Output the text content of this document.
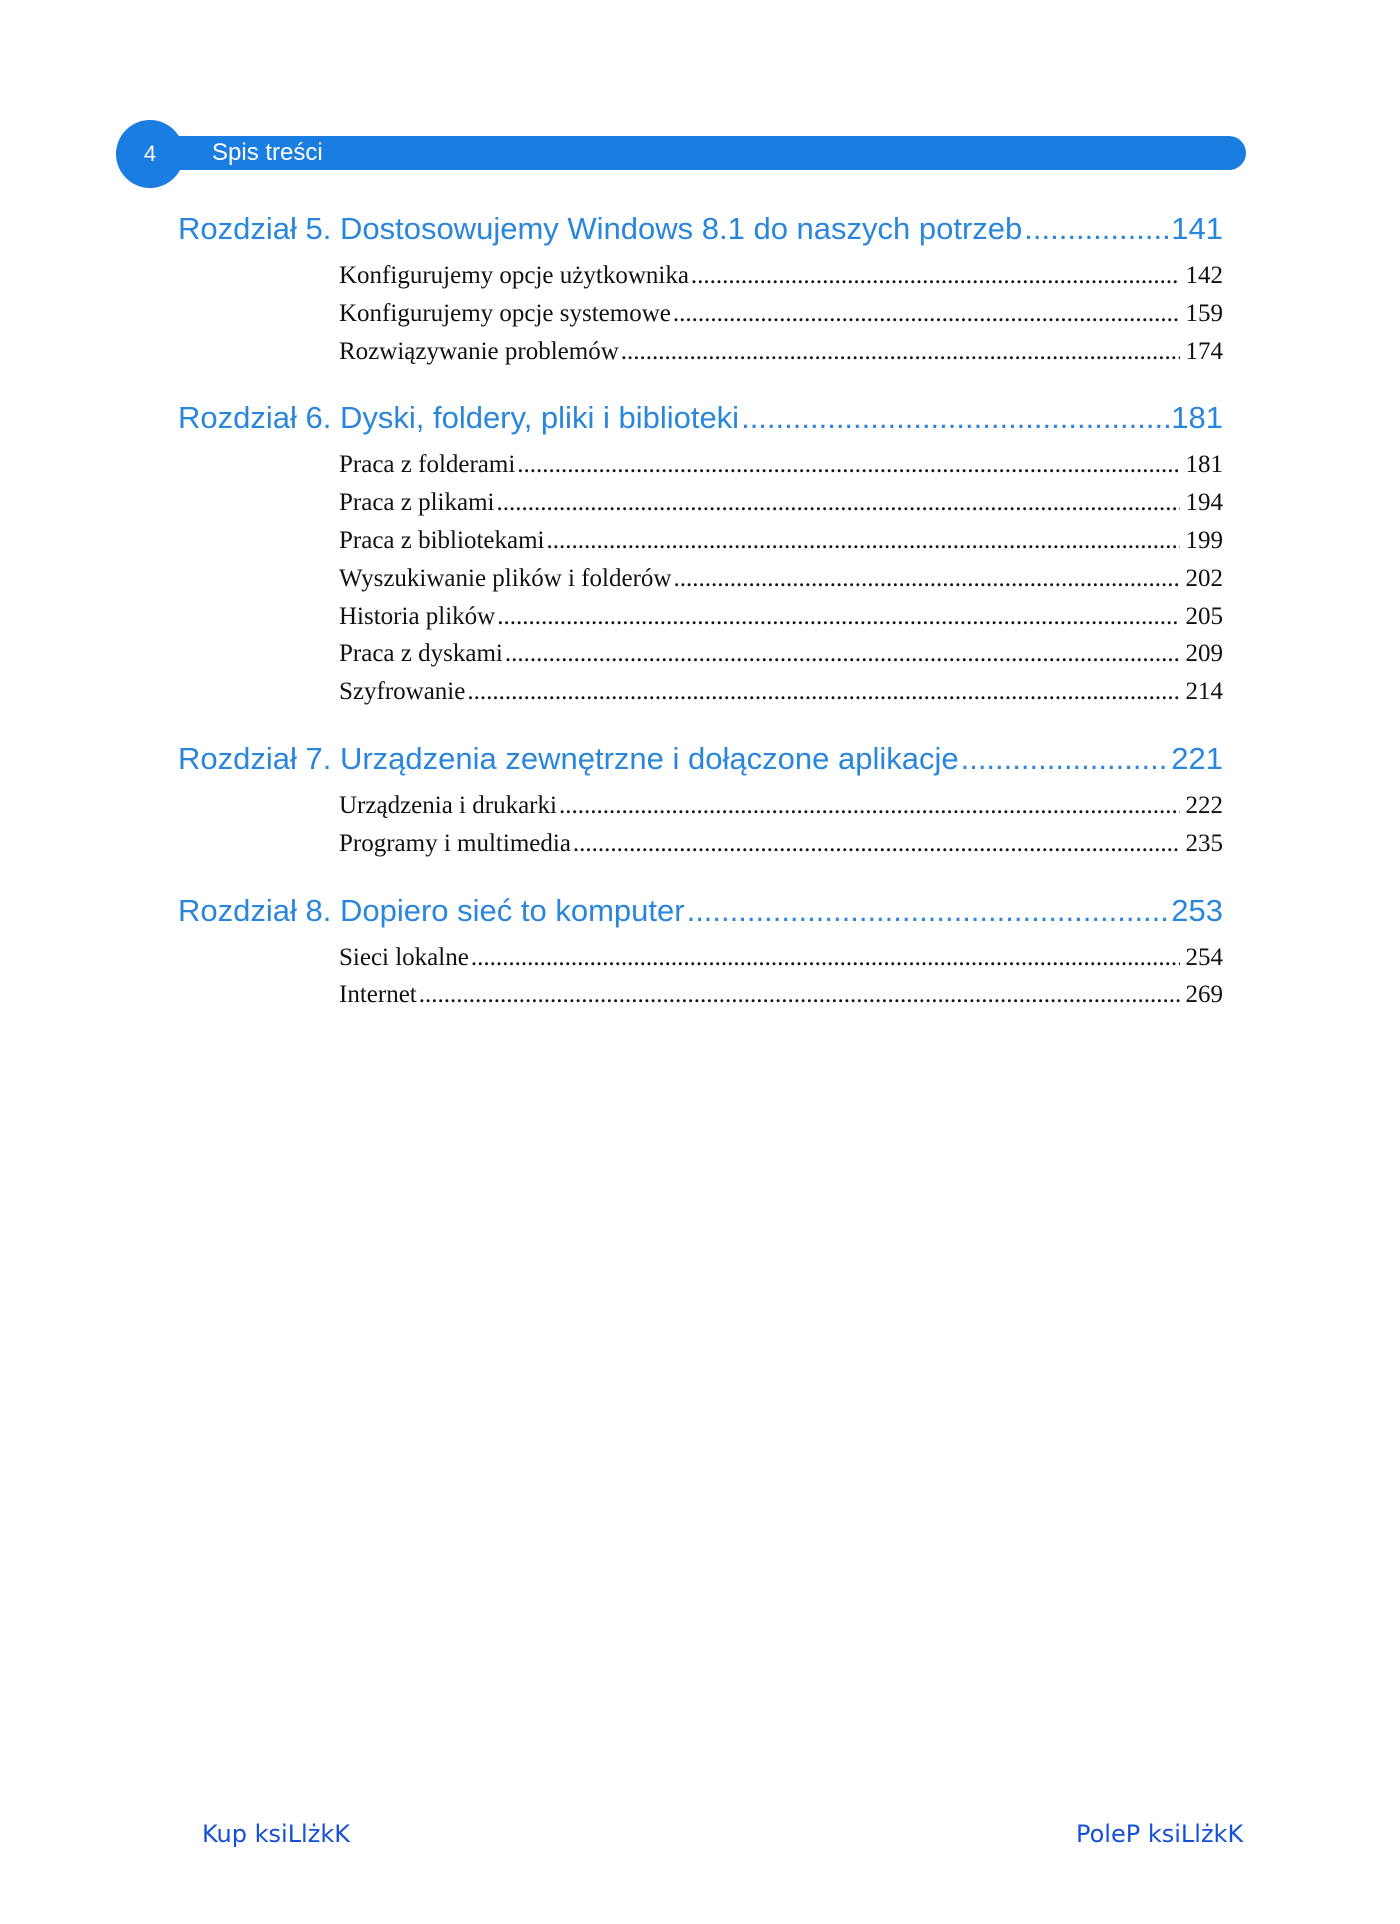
4	Spis treści
Rozdział 5. Dostosowujemy Windows 8.1 do naszych potrzeb .....	141
Konfigurujemy opcje użytkownika .....	142
Konfigurujemy opcje systemowe .....	159
Rozwiązywanie problemów .....	174
Rozdział 6. Dyski, foldery, pliki i biblioteki .....	181
Praca z folderami .....	181
Praca z plikami .....	194
Praca z bibliotekami .....	199
Wyszukiwanie plików i folderów .....	202
Historia plików .....	205
Praca z dyskami .....	209
Szyfrowanie .....	214
Rozdział 7. Urządzenia zewnętrzne i dołączone aplikacje .....	221
Urządzenia i drukarki .....	222
Programy i multimedia .....	235
Rozdział 8. Dopiero sieć to komputer .....	253
Sieci lokalne .....	254
Internet .....	269
Kup ksiLlżkK	PoleP ksiLlżkK
